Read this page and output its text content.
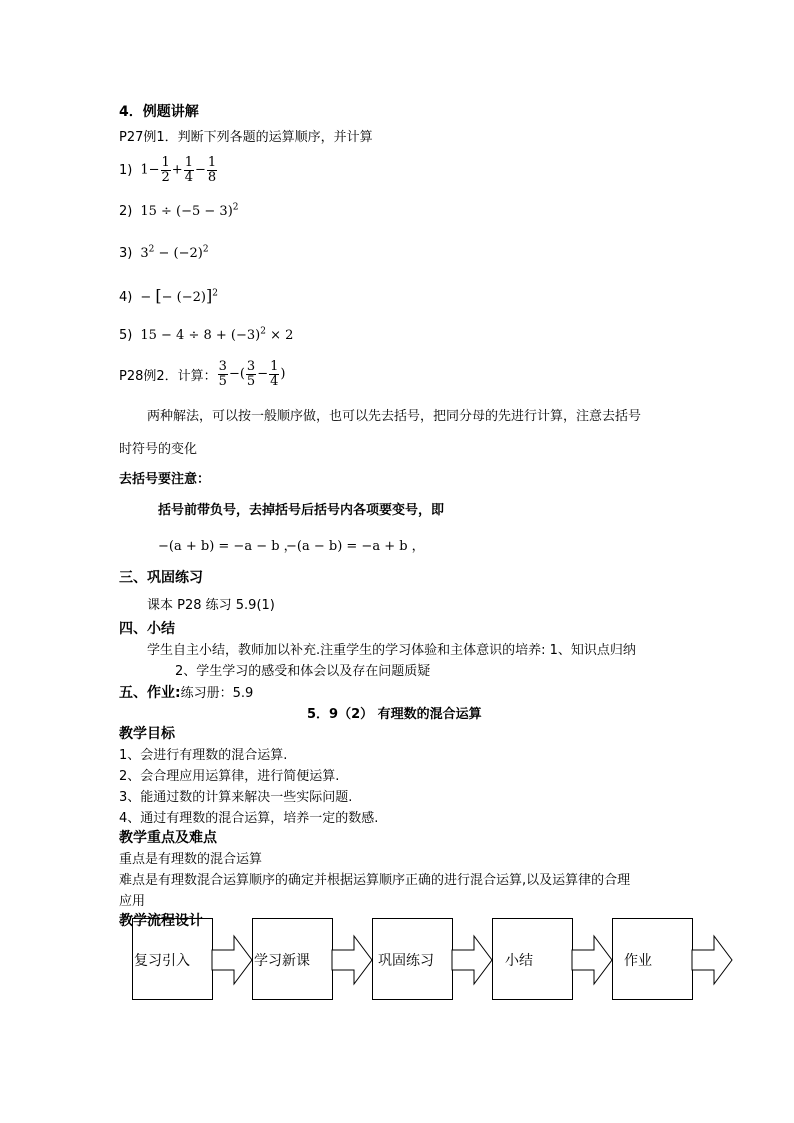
4．例题讲解
P27例1．判断下列各题的运算顺序，并计算
1) $1- \frac{1}{2} + \frac{1}{4} - \frac{1}{8}$
2) $15 \div (-5 - 3)^2$
3) $3^2 - (-2)^2$
4) − [− (−2)]$^2$
5) $15 - 4 \div 8 + (-3)^2 \times 2$
P28例2．计算： $\frac{3}{5}$ −( $\frac{3}{5} - \frac{1}{4}$ )
两种解法，可以按一般顺序做，也可以先去括号，把同分母的先进行计算，注意去括号
时符号的变化
去括号要注意：
括号前带负号，去掉括号后括号内各项要变号，即
−(a + b) = −a − b ，
−(a − b) = −a + b ，
三、巩固练习
课本 P28 练习 5.9(1)
四、小结
学生自主小结，教师加以补充.注重学生的学习体验和主体意识的培养: 1、知识点归纳
2、学生学习的感受和体会以及存在问题质疑
五、作业:练习册：5.9
5．9（2） 有理数的混合运算
教学目标
1、会进行有理数的混合运算.
2、会合理应用运算律，进行简便运算.
3、能通过数的计算来解决一些实际问题.
4、通过有理数的混合运算，培养一定的数感.
教学重点及难点
重点是有理数的混合运算
难点是有理数混合运算顺序的确定并根据运算顺序正确的进行混合运算,以及运算律的合理
应用
复习引入	学习新课	巩固练习	小结	作业
教学流程设计
